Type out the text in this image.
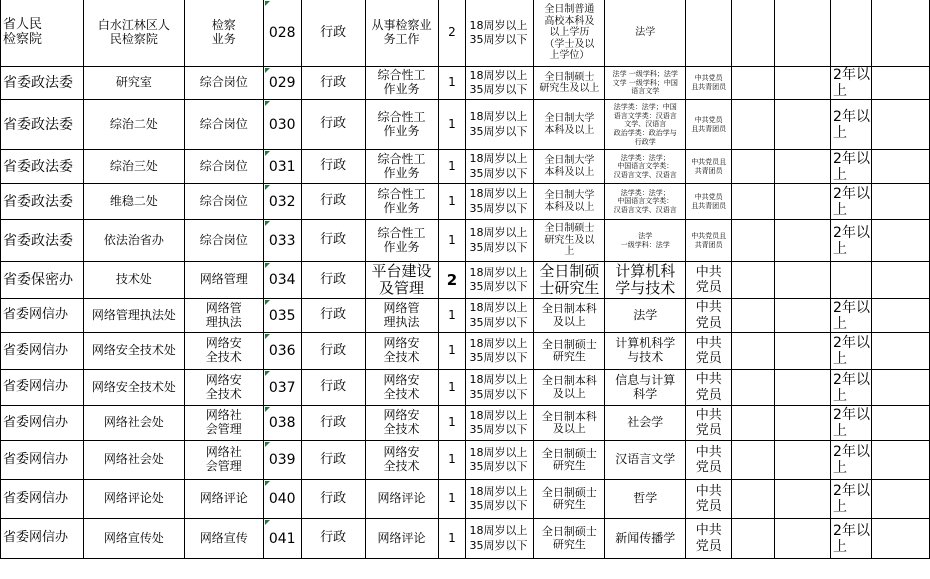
省人民
检察院	白水江林区人
民检察院	检察
业务	028	行政	从事检察业
务工作	2	18周岁以上
35周岁以下	全日制普通
高校本科及
以上学历
（学士及以
上学位）	法学					
省委政法委	研究室	综合岗位	029	行政	综合性工
作业务	1	18周岁以上
35周岁以下	全日制硕士
研究生及以上	法学 一级学科；法学
文学 一级学科；中国
语言文学	中共党员
且共青团员			2年以上	
省委政法委	综治二处	综合岗位	030	行政	综合性工
作业务	1	18周岁以上
35周岁以下	全日制大学
本科及以上	法学类：法学；中国
语言文学类：汉语言
文学、汉语言
政治学类：政治学与
行政学	中共党员
且共青团员			2年以上	
省委政法委	综治三处	综合岗位	031	行政	综合性工
作业务	1	18周岁以上
35周岁以下	全日制大学
本科及以上	法学类：法学；
中国语言文学类：
汉语言文学、汉语言	中共党员且
共青团员			2年以上	
省委政法委	维稳二处	综合岗位	032	行政	综合性工
作业务	1	18周岁以上
35周岁以下	全日制大学
本科及以上	法学类：法学；
中国语言文学类：
汉语言文学、汉语言	中共党员
且共青团员			2年以上	
省委政法委	依法治省办	综合岗位	033	行政	综合性工
作业务	1	18周岁以上
35周岁以下	全日制硕士
研究生及以
上	法学
一级学科：法学	中共党员且
共青团员			2年以上	
省委保密办	技术处	网络管理	034	行政	平台建设
及管理	2	18周岁以上
35周岁以下	全日制硕
士研究生	计算机科
学与技术	中共
党员				
省委网信办	网络管理执法处	网络管
理执法	035	行政	网络管
理执法	1	18周岁以上
35周岁以下	全日制本科
及以上	法学	中共
党员			2年以上	
省委网信办	网络安全技术处	网络安
全技术	036	行政	网络安
全技术	1	18周岁以上
35周岁以下	全日制硕士
研究生	计算机科学
与技术	中共
党员			2年以上	
省委网信办	网络安全技术处	网络安
全技术	037	行政	网络安
全技术	1	18周岁以上
35周岁以下	全日制本科
及以上	信息与计算
科学	中共
党员			2年以上	
省委网信办	网络社会处	网络社
会管理	038	行政	网络安
全技术	1	18周岁以上
35周岁以下	全日制本科
及以上	社会学	中共
党员			2年以上	
省委网信办	网络社会处	网络社
会管理	039	行政	网络安
全技术	1	18周岁以上
35周岁以下	全日制硕士
研究生	汉语言文学	中共
党员			2年以上	
省委网信办	网络评论处	网络评论	040	行政	网络评论	1	18周岁以上
35周岁以下	全日制硕士
研究生	哲学	中共
党员			2年以上	
省委网信办	网络宣传处	网络宣传	041	行政	网络评论	1	18周岁以上
35周岁以下	全日制硕士
研究生	新闻传播学	中共
党员			2年以上	
